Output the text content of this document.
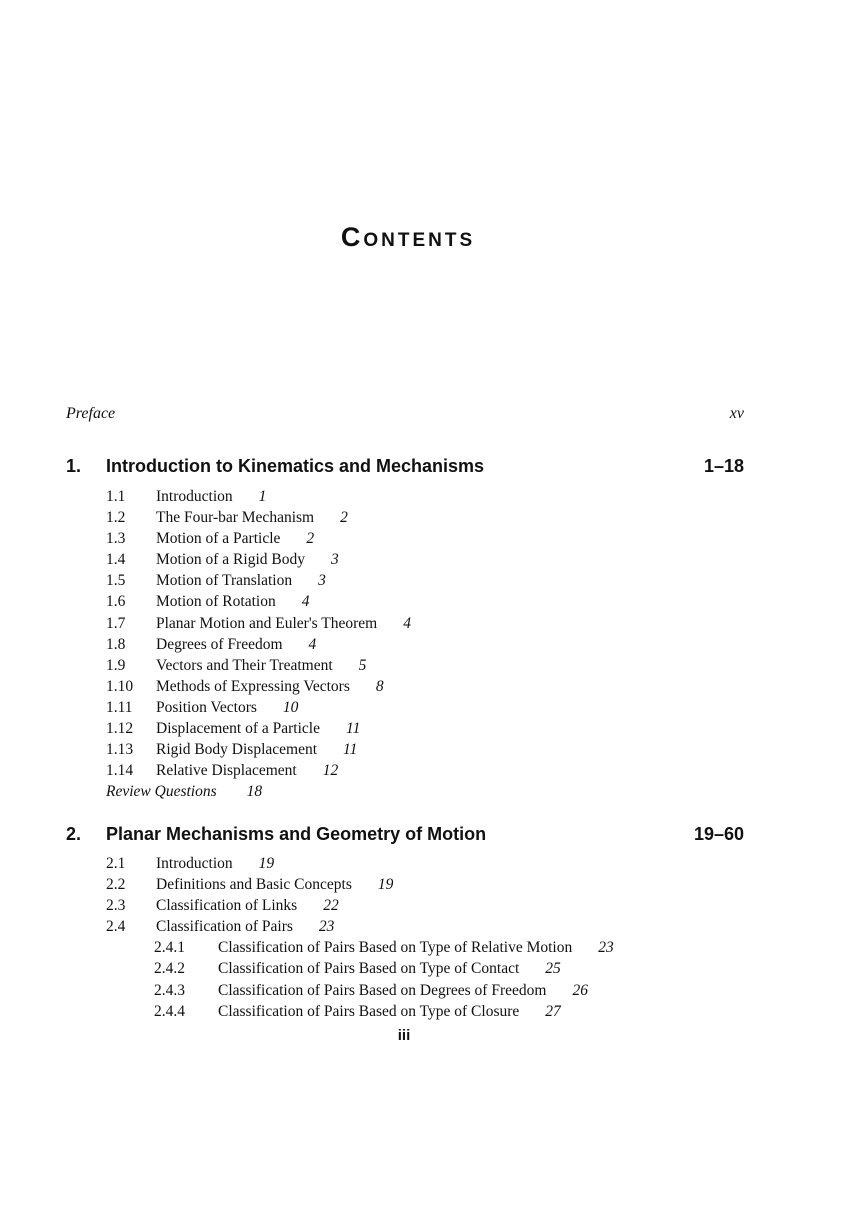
Contents
Preface	xv
1.	Introduction to Kinematics and Mechanisms	1–18
1.1 Introduction 1
1.2 The Four-bar Mechanism 2
1.3 Motion of a Particle 2
1.4 Motion of a Rigid Body 3
1.5 Motion of Translation 3
1.6 Motion of Rotation 4
1.7 Planar Motion and Euler's Theorem 4
1.8 Degrees of Freedom 4
1.9 Vectors and Their Treatment 5
1.10 Methods of Expressing Vectors 8
1.11 Position Vectors 10
1.12 Displacement of a Particle 11
1.13 Rigid Body Displacement 11
1.14 Relative Displacement 12
Review Questions 18
2.	Planar Mechanisms and Geometry of Motion	19–60
2.1 Introduction 19
2.2 Definitions and Basic Concepts 19
2.3 Classification of Links 22
2.4 Classification of Pairs 23
2.4.1 Classification of Pairs Based on Type of Relative Motion 23
2.4.2 Classification of Pairs Based on Type of Contact 25
2.4.3 Classification of Pairs Based on Degrees of Freedom 26
2.4.4 Classification of Pairs Based on Type of Closure 27
iii
